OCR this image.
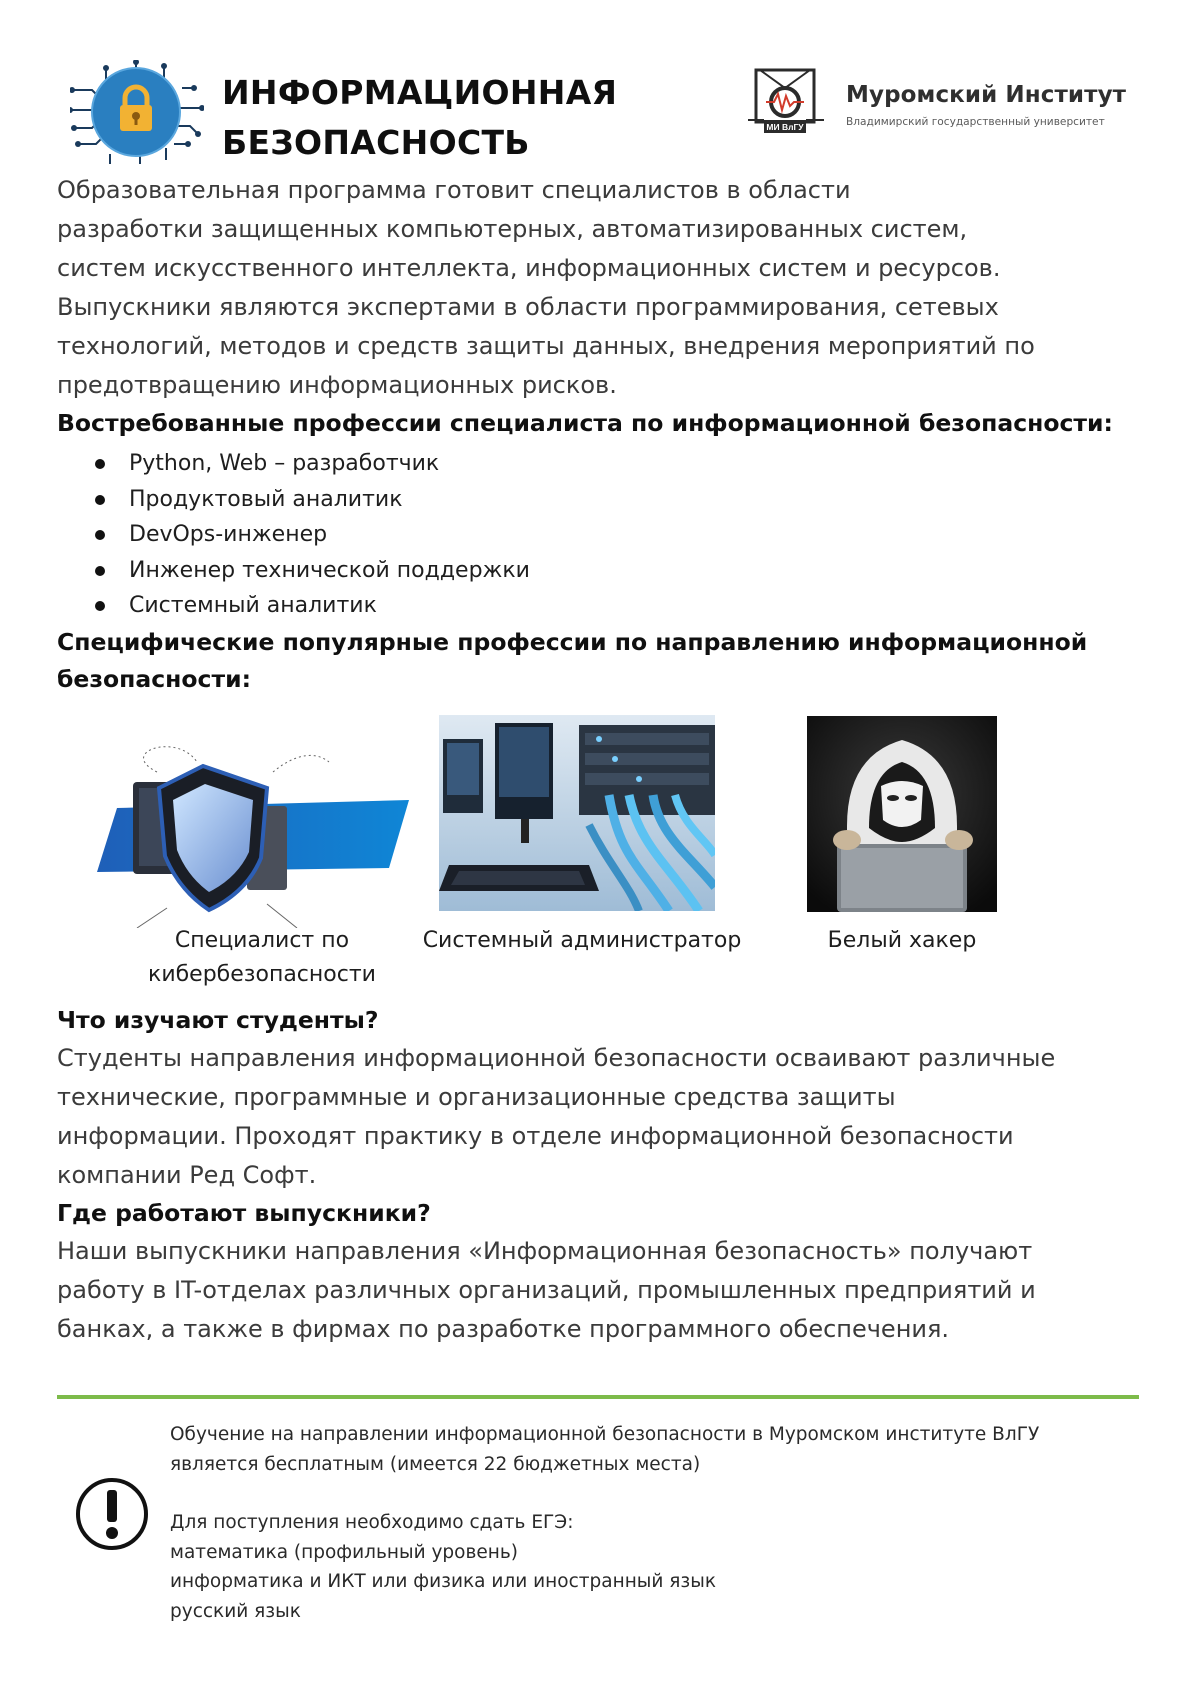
ИНФОРМАЦИОННАЯ
БЕЗОПАСНОСТЬ	МИ ВлГУ
Муромский Институт
Владимирский государственный университет

Образовательная программа готовит специалистов в области
разработки защищенных компьютерных, автоматизированных систем,
систем искусственного интеллекта, информационных систем и ресурсов.
Выпускники являются экспертами в области программирования, сетевых
технологий, методов и средств защиты данных, внедрения мероприятий по
предотвращению информационных рисков.

Востребованные профессии специалиста по информационной безопасности:
Python, Web – разработчик
Продуктовый аналитик
DevOps-инженер
Инженер технической поддержки
Системный аналитик
Специфические популярные профессии по направлению информационной
безопасности:
Специалист по
кибербезопасности
Системный администратор	Белый хакер
Что изучают студенты?

Студенты направления информационной безопасности осваивают различные
технические, программные и организационные средства защиты
информации. Проходят практику в отделе информационной безопасности
компании Ред Софт.

Где работают выпускники?

Наши выпускники направления «Информационная безопасность» получают
работу в IT-отделах различных организаций, промышленных предприятий и
банках, а также в фирмах по разработке программного обеспечения.

Обучение на направлении информационной безопасности в Муромском институте ВлГУ
является бесплатным (имеется 22 бюджетных места)
Для поступления необходимо сдать ЕГЭ:
математика (профильный уровень)
информатика и ИКТ или физика или иностранный язык
русский язык
